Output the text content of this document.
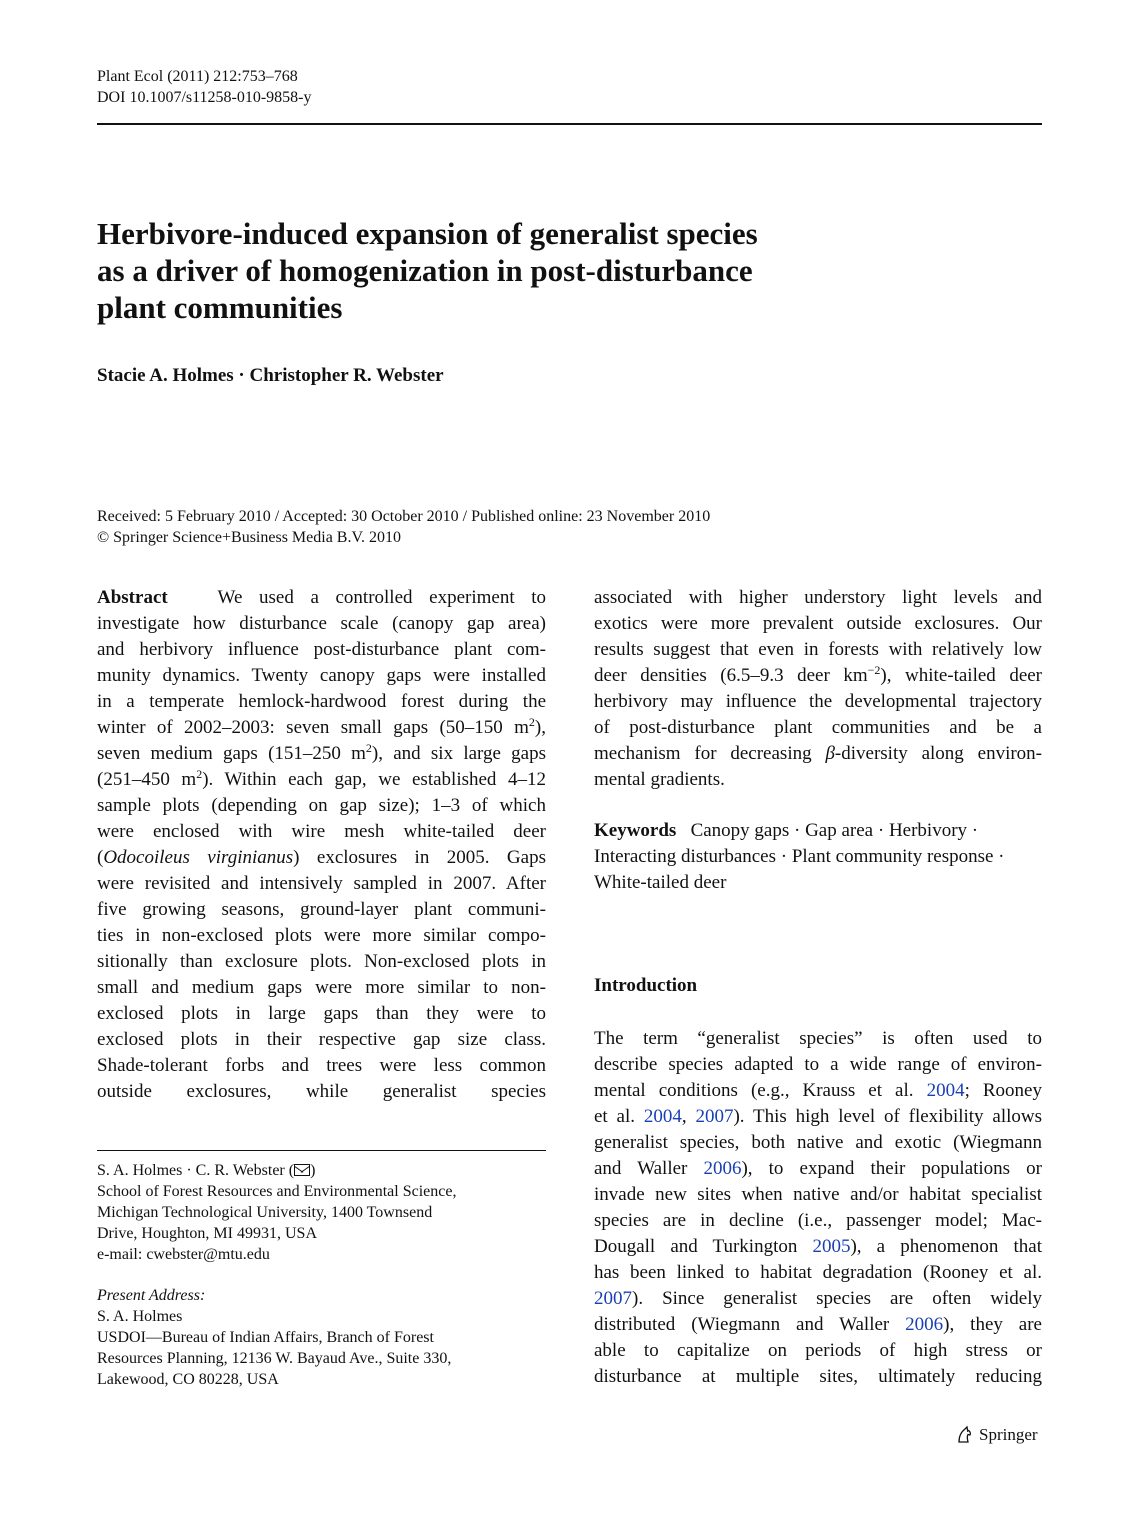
Plant Ecol (2011) 212:753–768
DOI 10.1007/s11258-010-9858-y
Herbivore-induced expansion of generalist species
as a driver of homogenization in post-disturbance
plant communities
Stacie A. Holmes · Christopher R. Webster
Received: 5 February 2010 / Accepted: 30 October 2010 / Published online: 23 November 2010
© Springer Science+Business Media B.V. 2010
Abstract	We used a controlled experiment to
investigate how disturbance scale (canopy gap area)
and herbivory influence post-disturbance plant com-
munity dynamics. Twenty canopy gaps were installed
in a temperate hemlock-hardwood forest during the
winter of 2002–2003: seven small gaps (50–150 $m^2$),
seven medium gaps (151–250 $m^2$), and six large gaps
(251–450 $m^2$). Within each gap, we established 4–12
sample plots (depending on gap size); 1–3 of which
were enclosed with wire mesh white-tailed deer
(Odocoileus virginianus) exclosures in 2005. Gaps
were revisited and intensively sampled in 2007. After
five growing seasons, ground-layer plant communi-
ties in non-exclosed plots were more similar compo-
sitionally than exclosure plots. Non-exclosed plots in
small and medium gaps were more similar to non-
exclosed plots in large gaps than they were to
exclosed plots in their respective gap size class.
Shade-tolerant forbs and trees were less common
outside exclosures, while generalist species
S. A. Holmes · C. R. Webster ( )
School of Forest Resources and Environmental Science,
Michigan Technological University, 1400 Townsend
Drive, Houghton, MI 49931, USA
e-mail: cwebster@mtu.edu
Present Address:
S. A. Holmes
USDOI—Bureau of Indian Affairs, Branch of Forest
Resources Planning, 12136 W. Bayaud Ave., Suite 330,
Lakewood, CO 80228, USA
associated with higher understory light levels and
exotics were more prevalent outside exclosures. Our
results suggest that even in forests with relatively low
deer densities (6.5–9.3 deer $km^{-2}$), white-tailed deer
herbivory may influence the developmental trajectory
of post-disturbance plant communities and be a
mechanism for decreasing β-diversity along environ-
mental gradients.
Keywords Canopy gaps · Gap area · Herbivory ·
Interacting disturbances · Plant community response ·
White-tailed deer
Introduction
The term “generalist species” is often used to
describe species adapted to a wide range of environ-
mental conditions (e.g., Krauss et al. 2004; Rooney
et al. 2004, 2007). This high level of flexibility allows
generalist species, both native and exotic (Wiegmann
and Waller 2006), to expand their populations or
invade new sites when native and/or habitat specialist
species are in decline (i.e., passenger model; Mac-
Dougall and Turkington 2005), a phenomenon that
has been linked to habitat degradation (Rooney et al.
2007). Since generalist species are often widely
distributed (Wiegmann and Waller 2006), they are
able to capitalize on periods of high stress or
disturbance at multiple sites, ultimately reducing
Springer
